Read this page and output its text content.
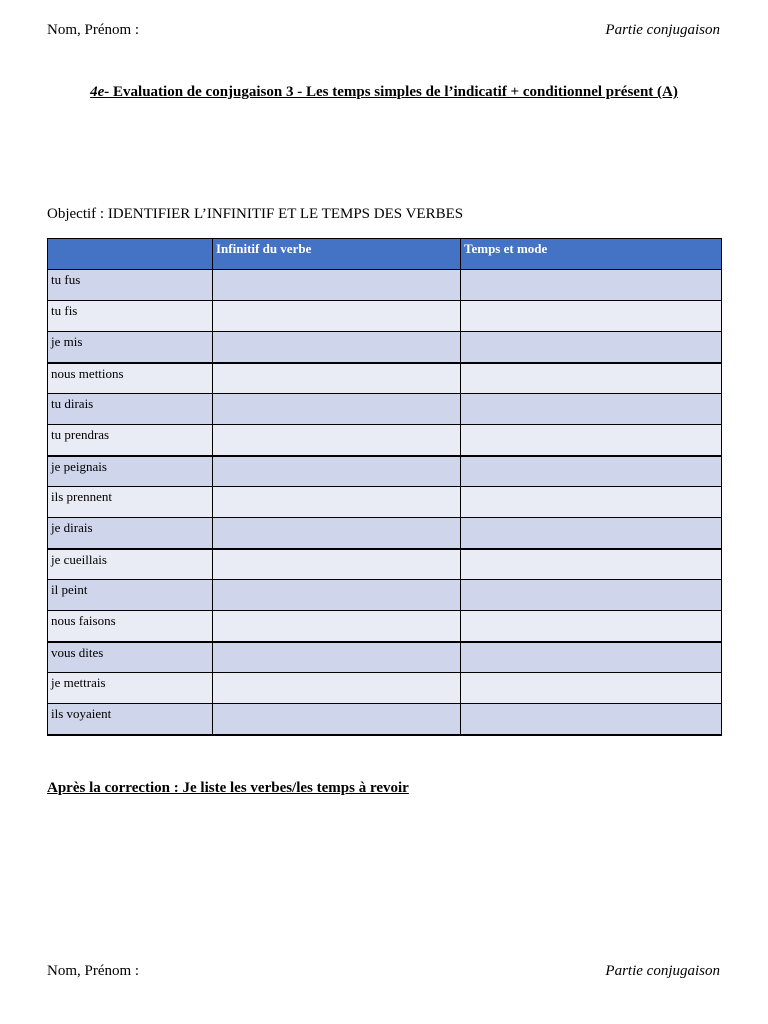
Nom, Prénom :	Partie conjugaison
4e- Evaluation de conjugaison 3 - Les temps simples de l’indicatif + conditionnel présent (A)
Objectif : IDENTIFIER L’INFINITIF ET LE TEMPS DES VERBES
	Infinitif du verbe	Temps et mode
tu fus		
tu fis		
je mis		
nous mettions		
tu dirais		
tu prendras		
je peignais		
ils prennent		
je dirais		
je cueillais		
il peint		
nous faisons		
vous dites		
je mettrais		
ils voyaient		
Après la correction : Je liste les verbes/les temps à revoir
Nom, Prénom :	Partie conjugaison
